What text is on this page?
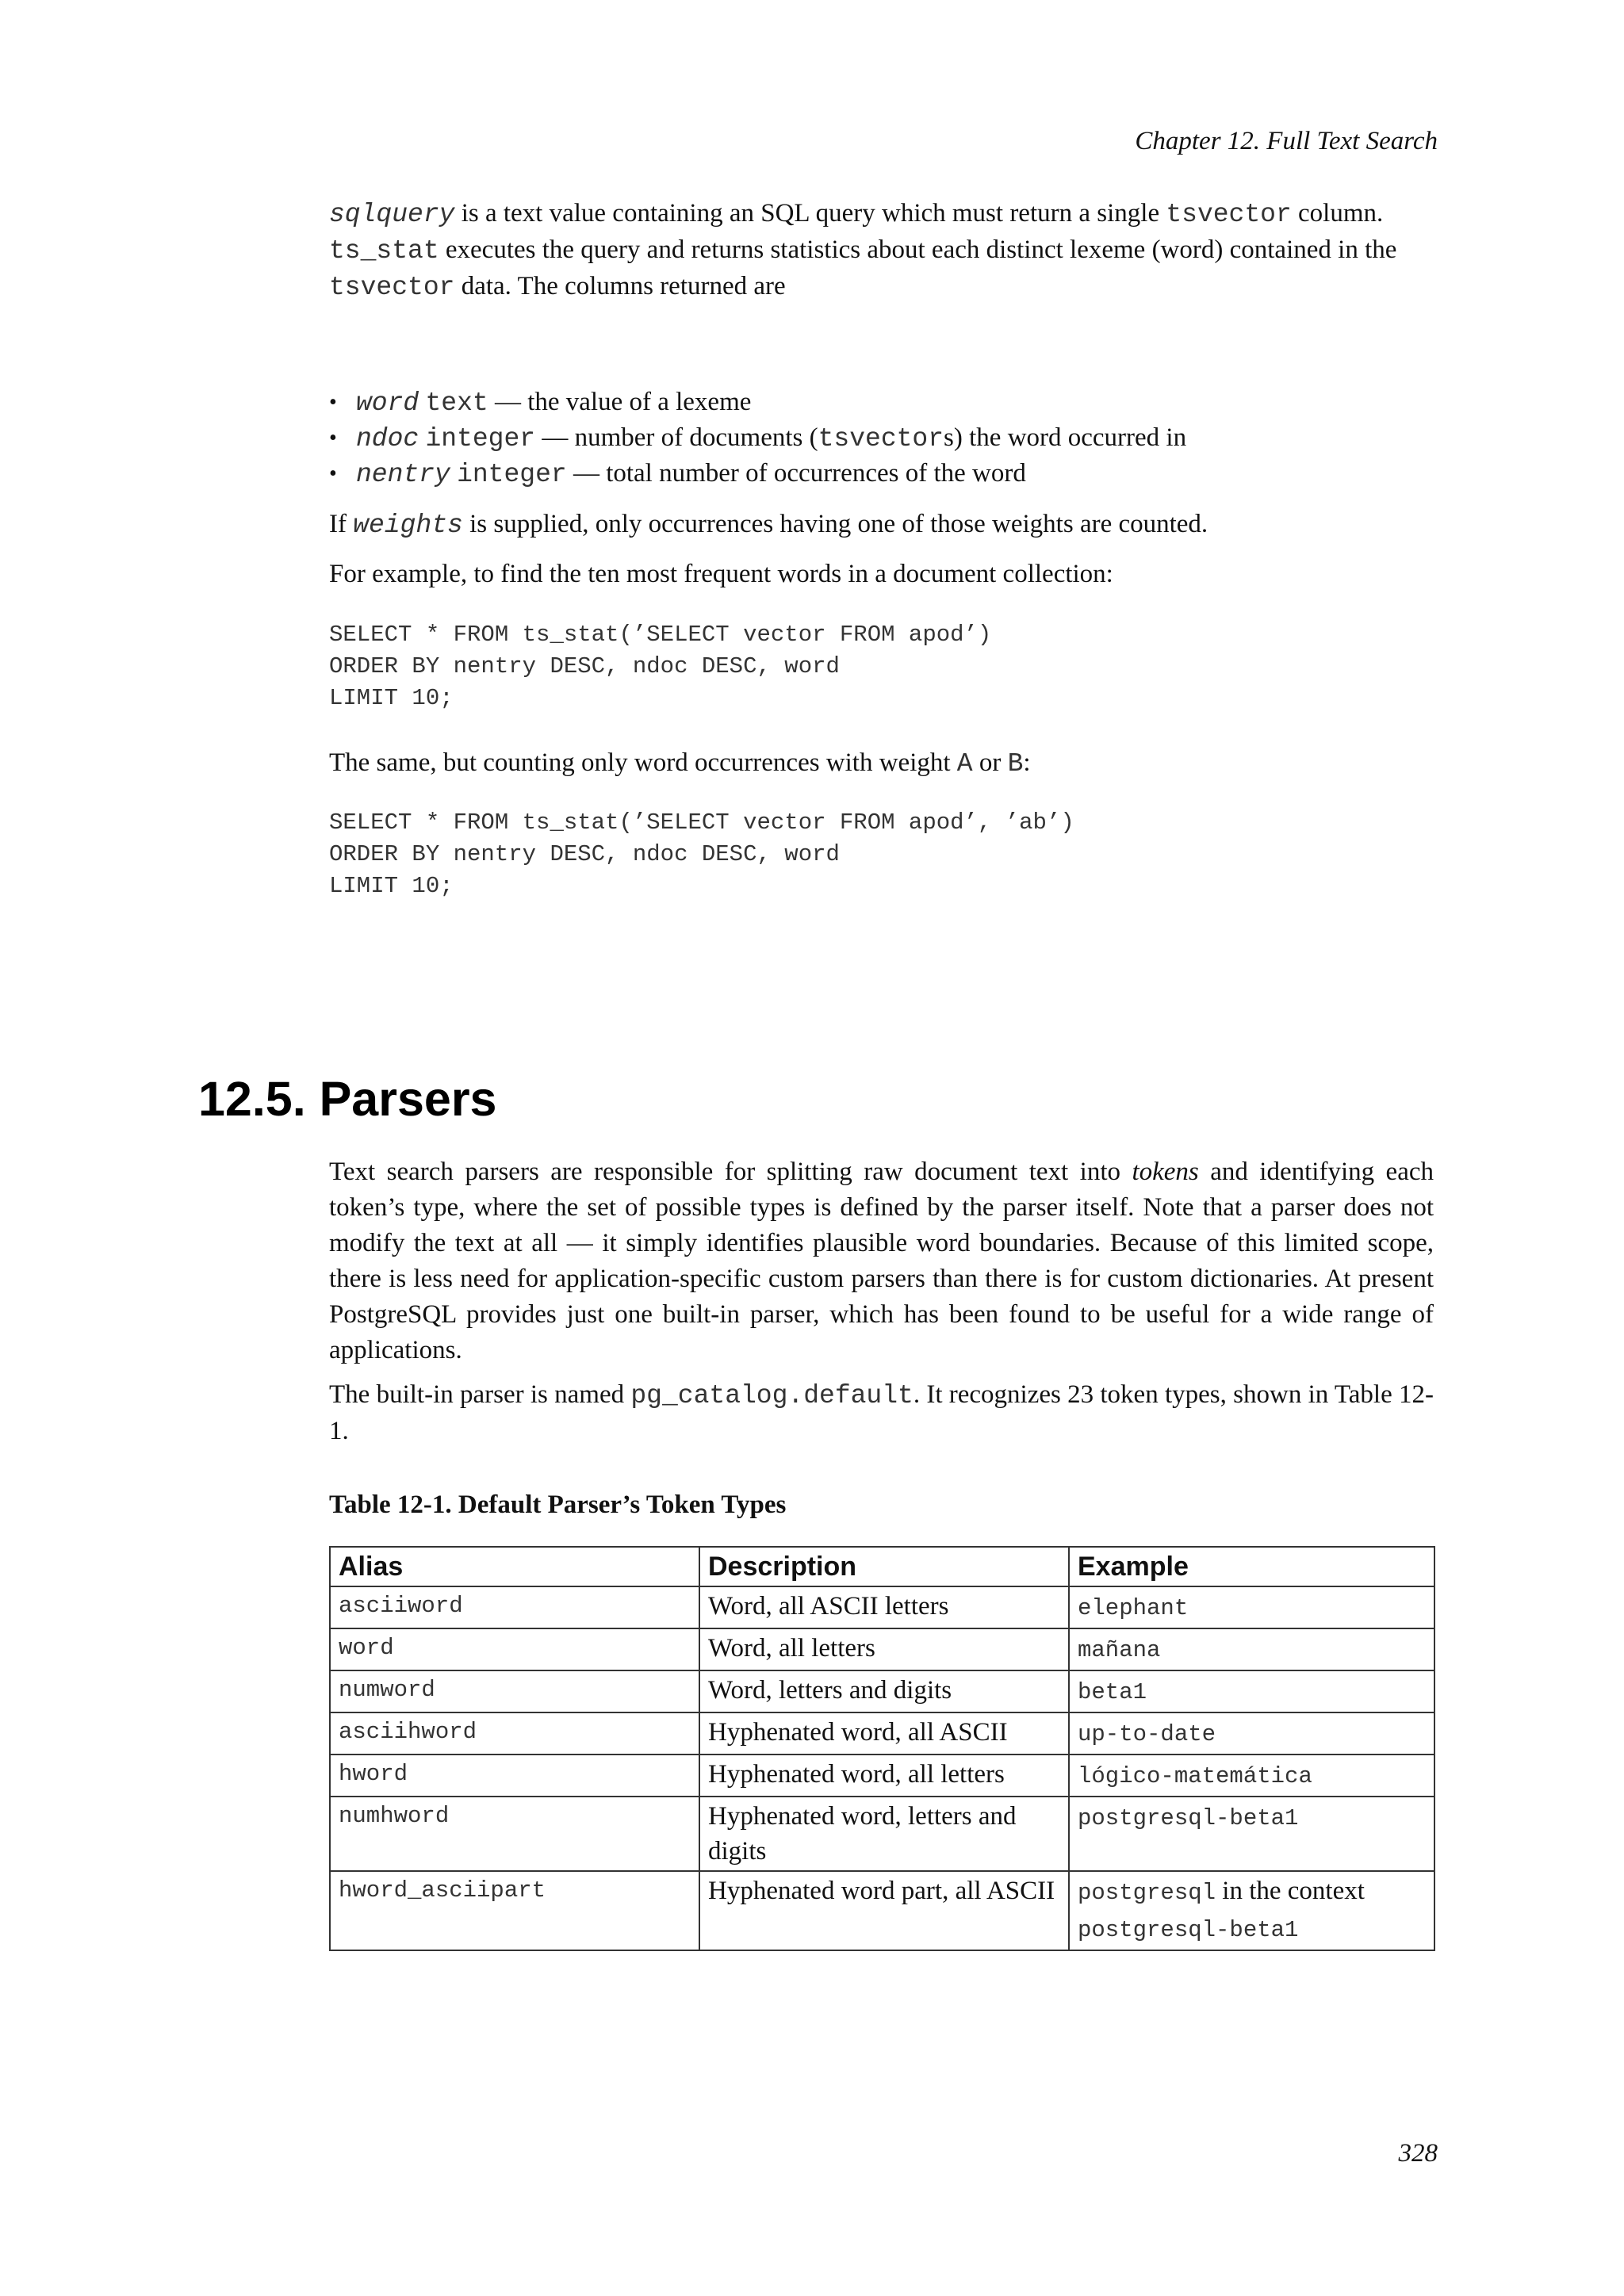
Chapter 12. Full Text Search

sqlquery is a text value containing an SQL query which must return a single tsvector column.
ts_stat executes the query and returns statistics about each distinct lexeme (word) contained in the
tsvector data. The columns returned are

• word text — the value of a lexeme
• ndoc integer — number of documents (tsvectors) the word occurred in
• nentry integer — total number of occurrences of the word

If weights is supplied, only occurrences having one of those weights are counted.

For example, to find the ten most frequent words in a document collection:

SELECT * FROM ts_stat(’SELECT vector FROM apod’)
ORDER BY nentry DESC, ndoc DESC, word
LIMIT 10;

The same, but counting only word occurrences with weight A or B:

SELECT * FROM ts_stat(’SELECT vector FROM apod’, ’ab’)
ORDER BY nentry DESC, ndoc DESC, word
LIMIT 10;
12.5. Parsers

Text search parsers are responsible for splitting raw document text into tokens and identifying each token’s type, where the set of possible types is defined by the parser itself. Note that a parser does not modify the text at all — it simply identifies plausible word boundaries. Because of this limited scope, there is less need for application-specific custom parsers than there is for custom dictionaries. At present PostgreSQL provides just one built-in parser, which has been found to be useful for a wide range of applications.

The built-in parser is named pg_catalog.default. It recognizes 23 token types, shown in Table 12-1.

Table 12-1. Default Parser’s Token Types

Alias	Description	Example
asciiword	Word, all ASCII letters	elephant
word	Word, all letters	mañana
numword	Word, letters and digits	beta1
asciihword	Hyphenated word, all ASCII	up-to-date
hword	Hyphenated word, all letters	lógico-matemática
numhword	Hyphenated word, letters and digits	postgresql-beta1
hword_asciipart	Hyphenated word part, all ASCII	postgresql in the context
postgresql-beta1
328
